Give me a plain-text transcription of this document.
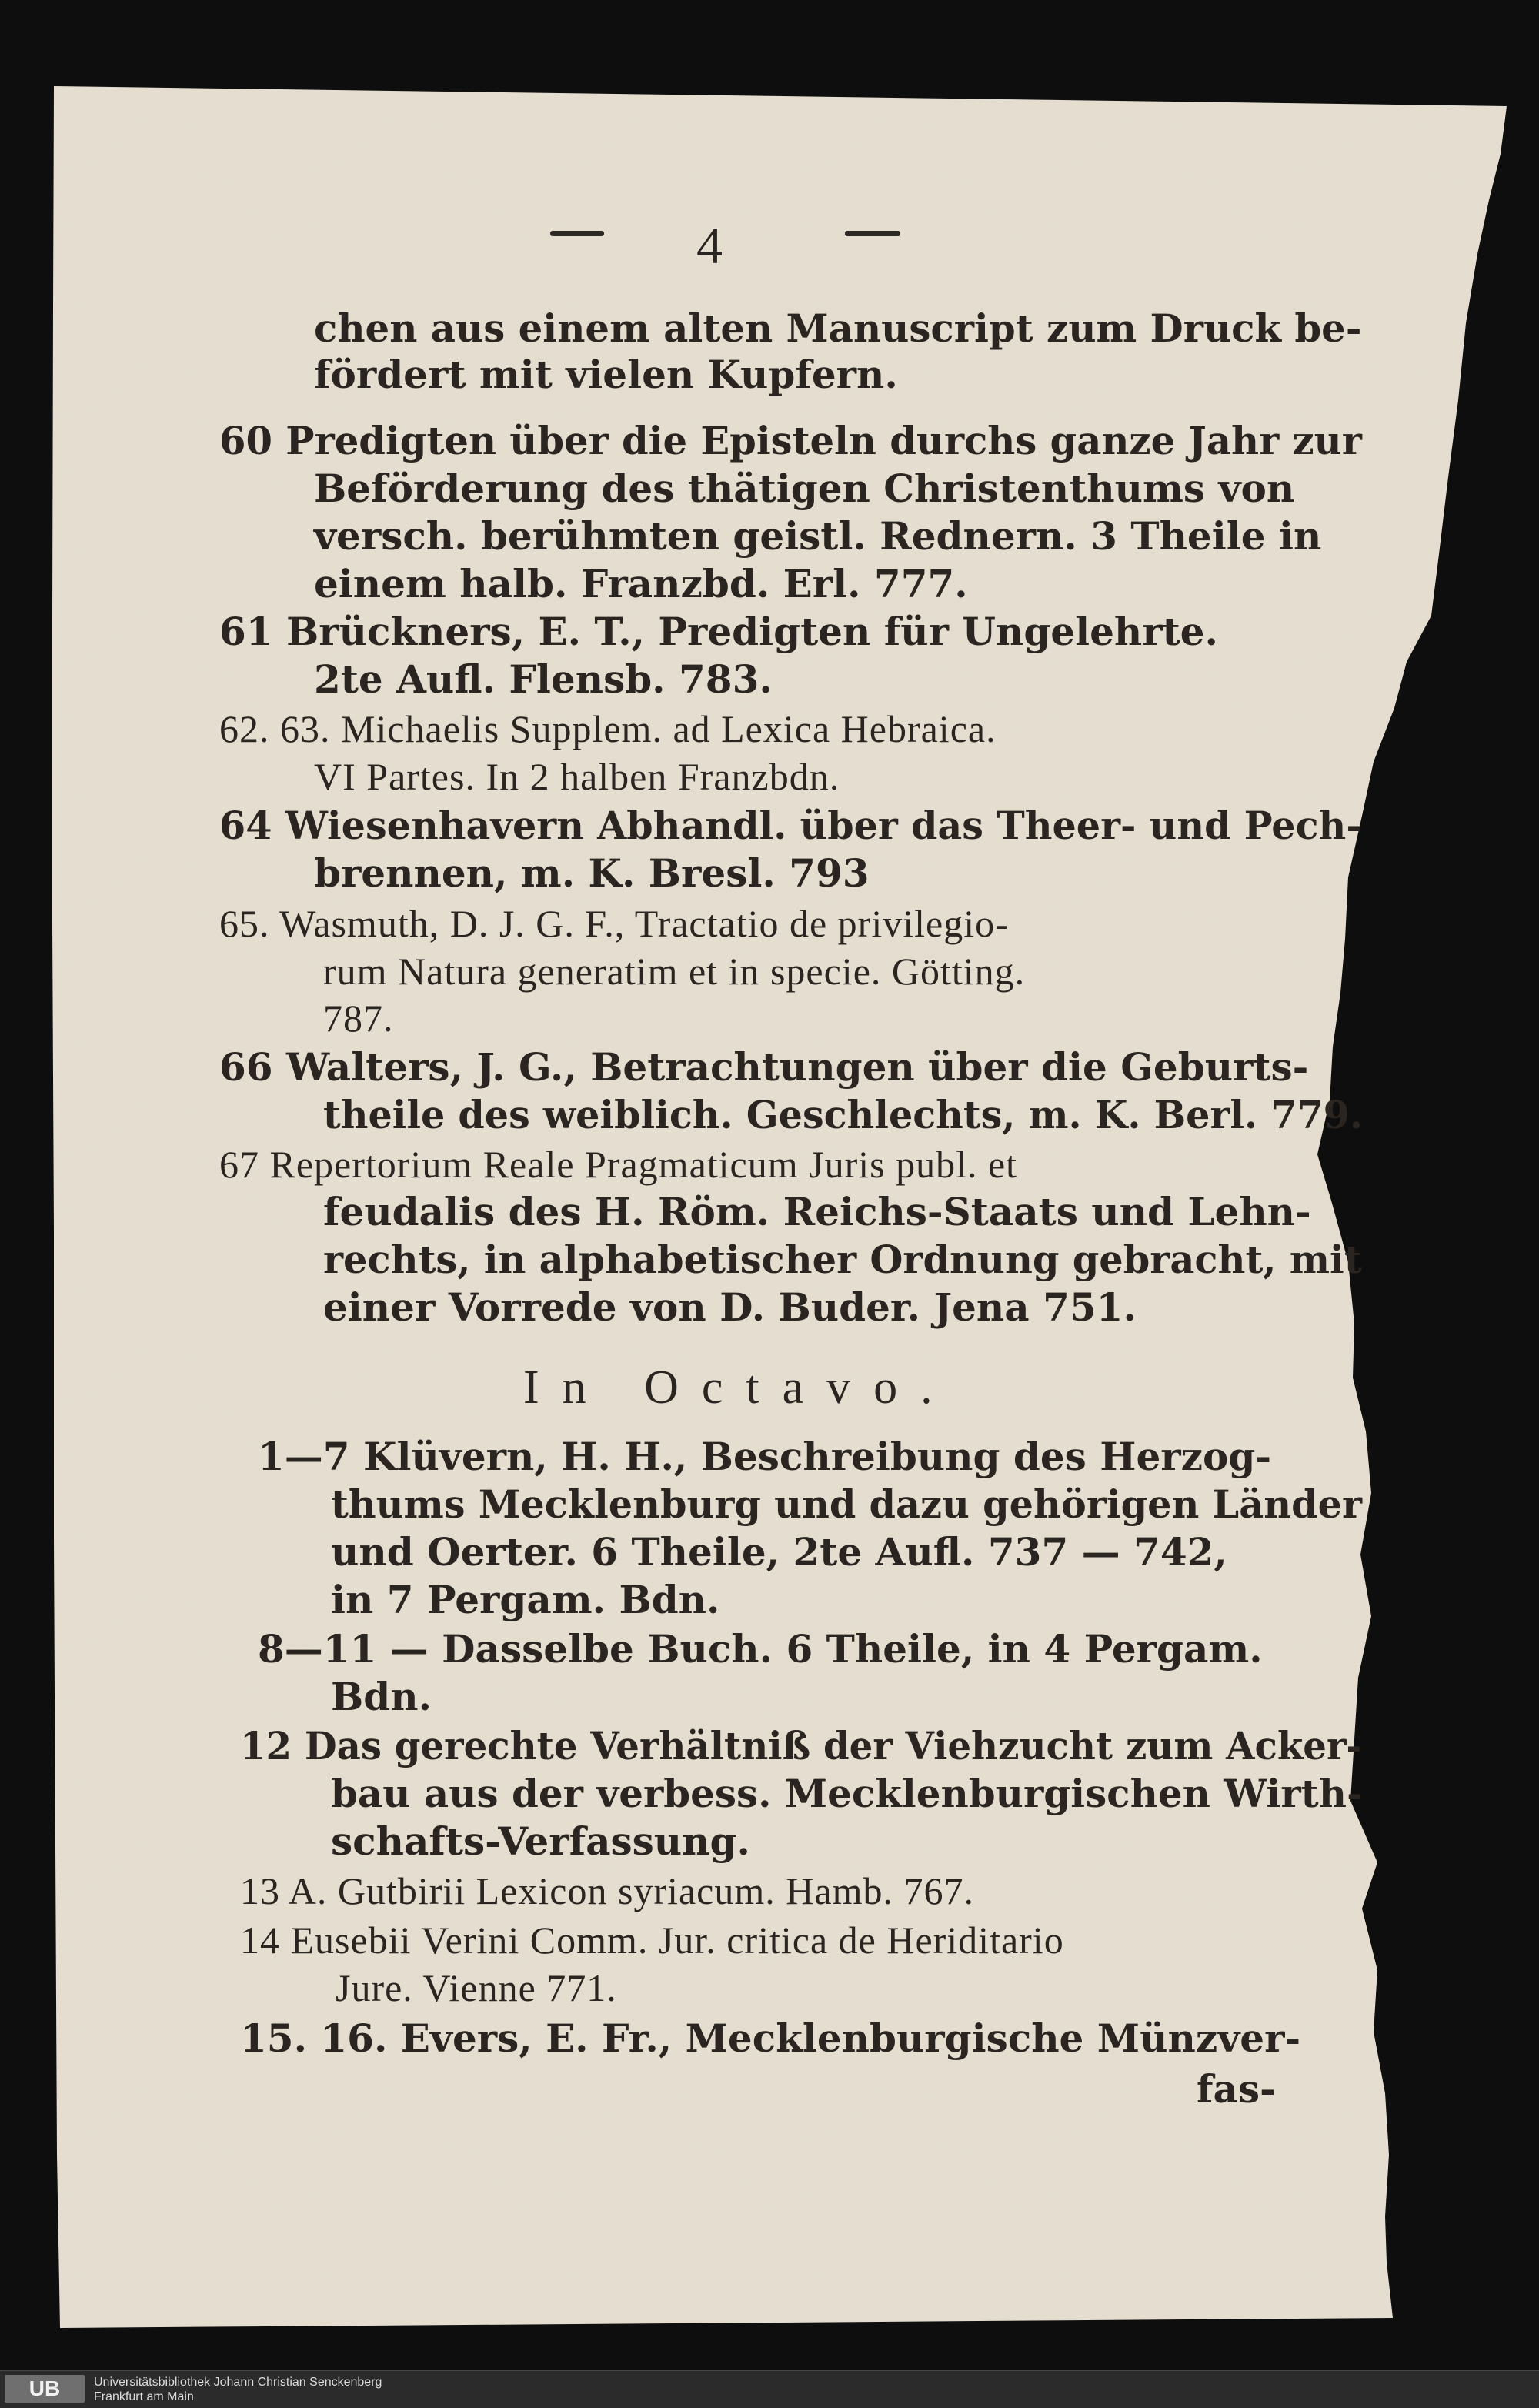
4
chen aus einem alten Manuscript zum Druck be-
fördert mit vielen Kupfern.
60 Predigten über die Episteln durchs ganze Jahr zur
Beförderung des thätigen Christenthums von
versch. berühmten geistl. Rednern. 3 Theile in
einem halb. Franzbd. Erl. 777.
61 Brückners, E. T., Predigten für Ungelehrte.
2te Aufl. Flensb. 783.
62. 63. Michaelis Supplem. ad Lexica Hebraica.
VI Partes. In 2 halben Franzbdn.
64 Wiesenhavern Abhandl. über das Theer- und Pech-
brennen, m. K. Bresl. 793
65. Wasmuth, D. J. G. F., Tractatio de privilegio-
rum Natura generatim et in specie. Götting.
787.
66 Walters, J. G., Betrachtungen über die Geburts-
theile des weiblich. Geschlechts, m. K. Berl. 779.
67 Repertorium Reale Pragmaticum Juris publ. et
feudalis des H. Röm. Reichs-Staats und Lehn-
rechts, in alphabetischer Ordnung gebracht, mit
einer Vorrede von D. Buder. Jena 751.
In Octavo.
1—7 Klüvern, H. H., Beschreibung des Herzog-
thums Mecklenburg und dazu gehörigen Länder
und Oerter. 6 Theile, 2te Aufl. 737 — 742,
in 7 Pergam. Bdn.
8—11 — Dasselbe Buch. 6 Theile, in 4 Pergam.
Bdn.
12 Das gerechte Verhältniß der Viehzucht zum Acker-
bau aus der verbess. Mecklenburgischen Wirth-
schafts-Verfassung.
13 A. Gutbirii Lexicon syriacum. Hamb. 767.
14 Eusebii Verini Comm. Jur. critica de Heriditario
Jure. Vienne 771.
15. 16. Evers, E. Fr., Mecklenburgische Münzver-
fas-
UB	Universitätsbibliothek Johann Christian Senckenberg
Frankfurt am Main
